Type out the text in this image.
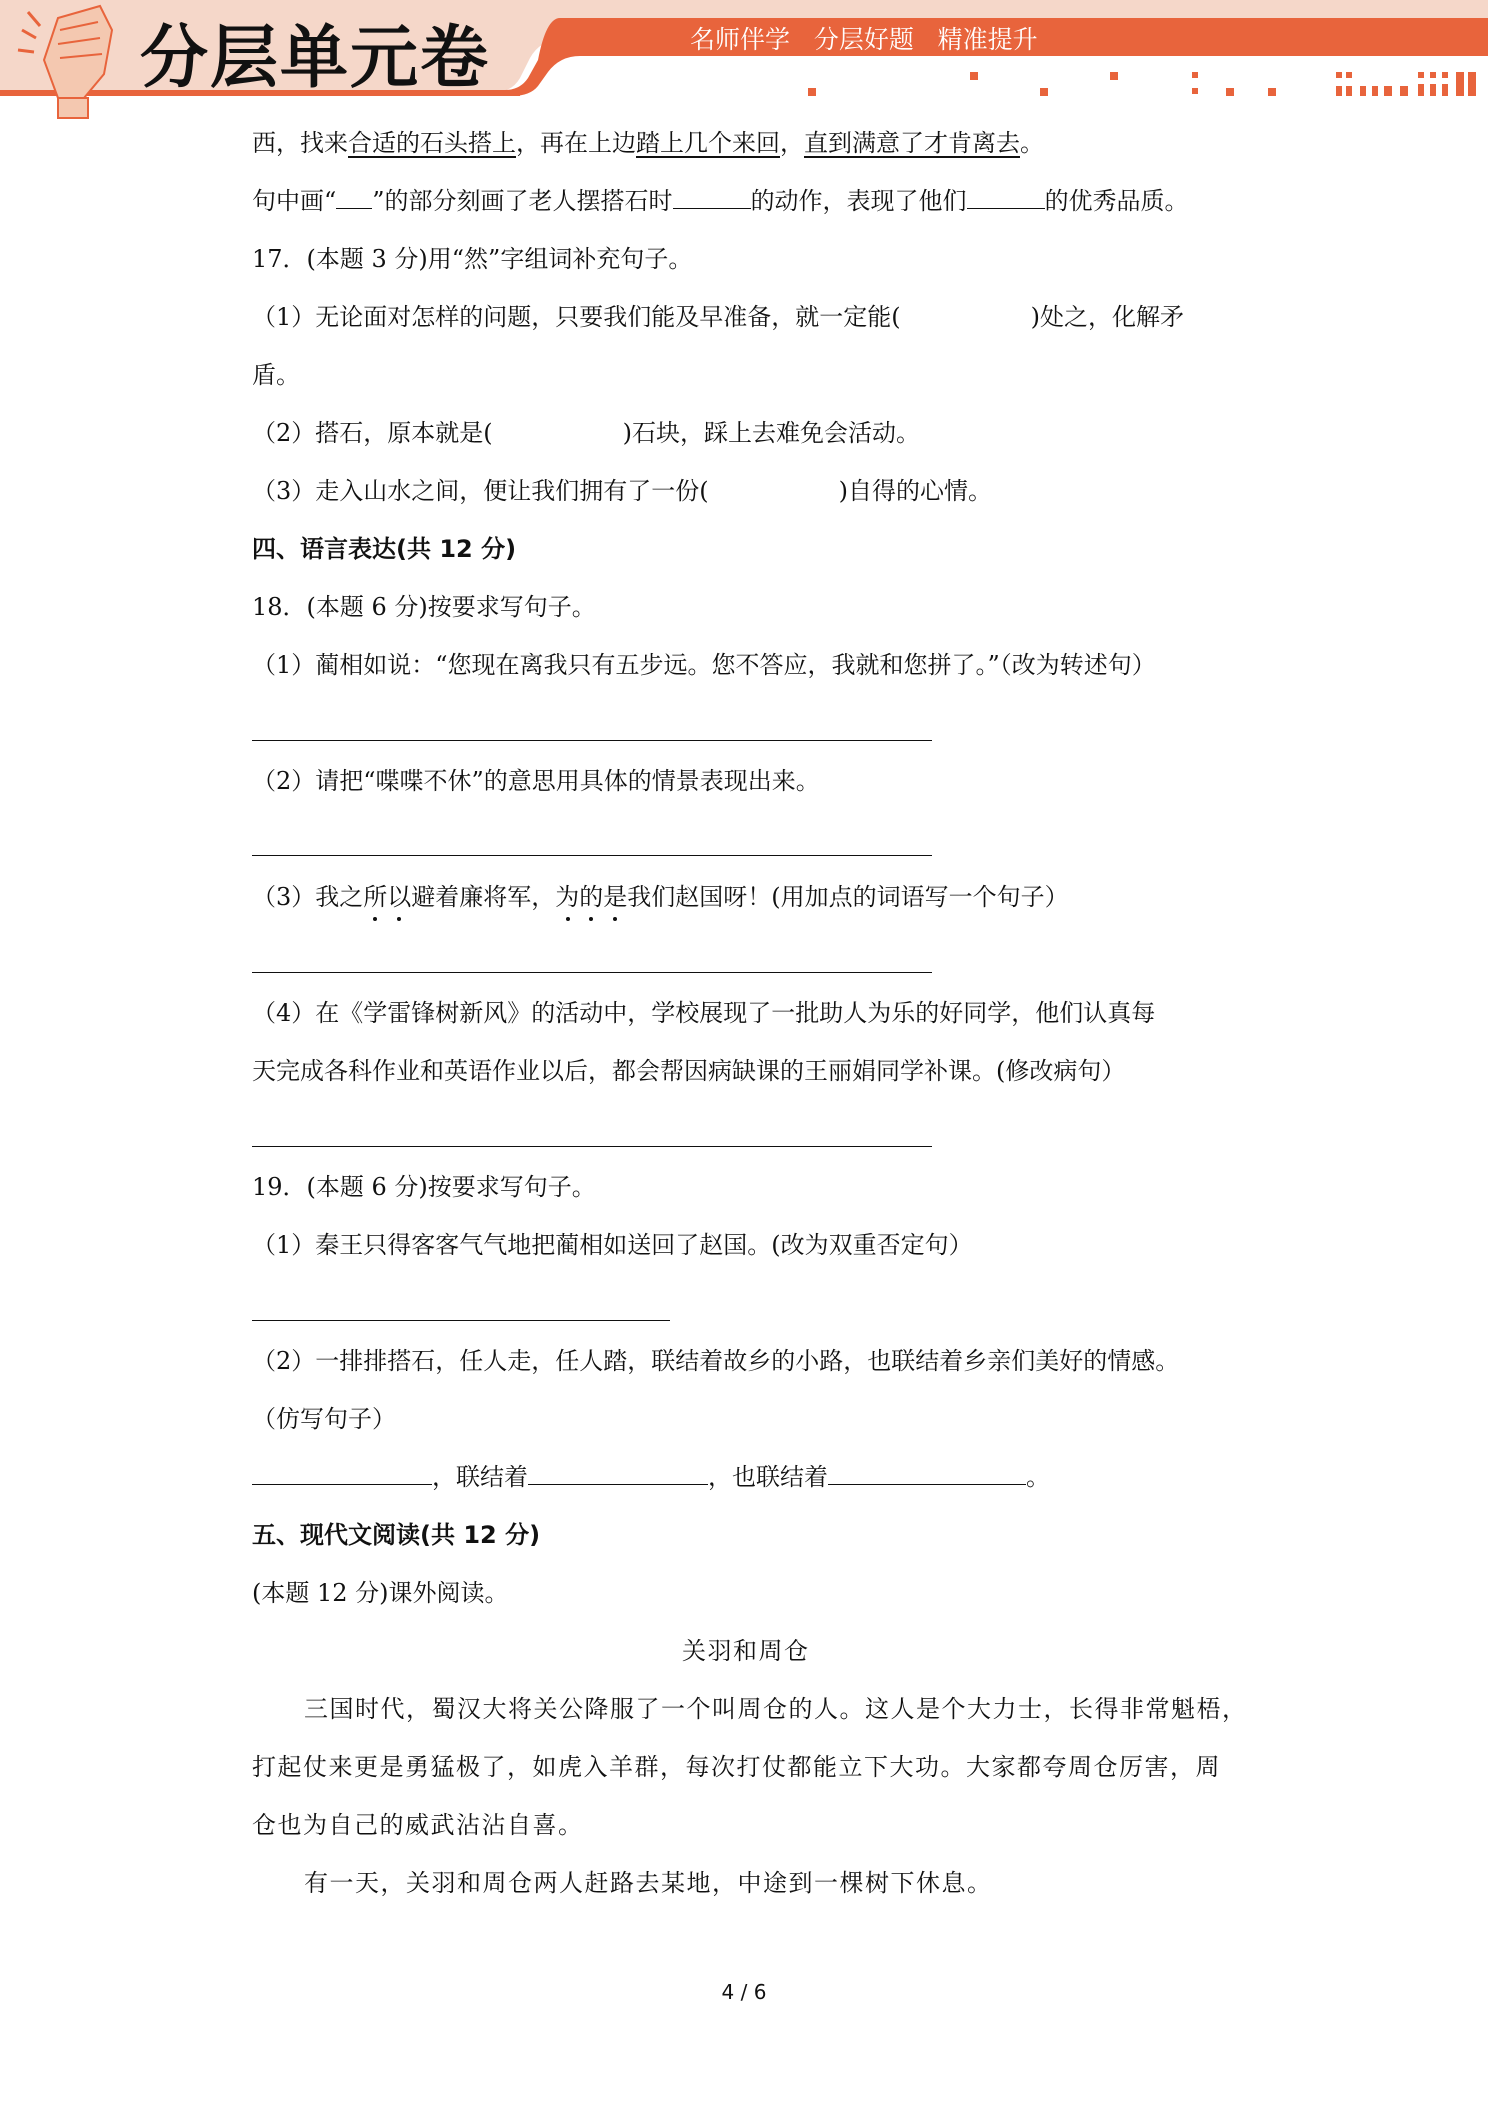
分层单元卷	名师伴学   分层好题   精准提升
西，找来合适的石头搭上，再在上边踏上几个来回，直到满意了才肯离去。
句中画“ ”的部分刻画了老人摆搭石时	的动作，表现了他们	的优秀品质。
17．(本题 3 分)用“然”字组词补充句子。
（1）无论面对怎样的问题，只要我们能及早准备，就一定能(	)处之，化解矛
盾。
（2）搭石，原本就是(	)石块，踩上去难免会活动。
（3）走入山水之间，便让我们拥有了一份(	)自得的心情。
四、语言表达(共 12 分)
18．(本题 6 分)按要求写句子。
（1）蔺相如说：“您现在离我只有五步远。您不答应，我就和您拼了。”（改为转述句）
（2）请把“喋喋不休”的意思用具体的情景表现出来。
（3）我之所以
避着廉将军，为的是
我们赵国呀！(用加点的词语写一个句子）
（4）在《学雷锋树新风》的活动中，学校展现了一批助人为乐的好同学，他们认真每
天完成各科作业和英语作业以后，都会帮因病缺课的王丽娟同学补课。(修改病句）
19．(本题 6 分)按要求写句子。
（1）秦王只得客客气气地把蔺相如送回了赵国。(改为双重否定句）
（2）一排排搭石，任人走，任人踏，联结着故乡的小路，也联结着乡亲们美好的情感。
（仿写句子）
，联结着	，也联结着	。
五、现代文阅读(共 12 分)
(本题 12 分)课外阅读。
关羽和周仓
三国时代，蜀汉大将关公降服了一个叫周仓的人。这人是个大力士，长得非常魁梧，
打起仗来更是勇猛极了，如虎入羊群，每次打仗都能立下大功。大家都夸周仓厉害，周
仓也为自己的威武沾沾自喜。
有一天，关羽和周仓两人赶路去某地，中途到一棵树下休息。
4 / 6
